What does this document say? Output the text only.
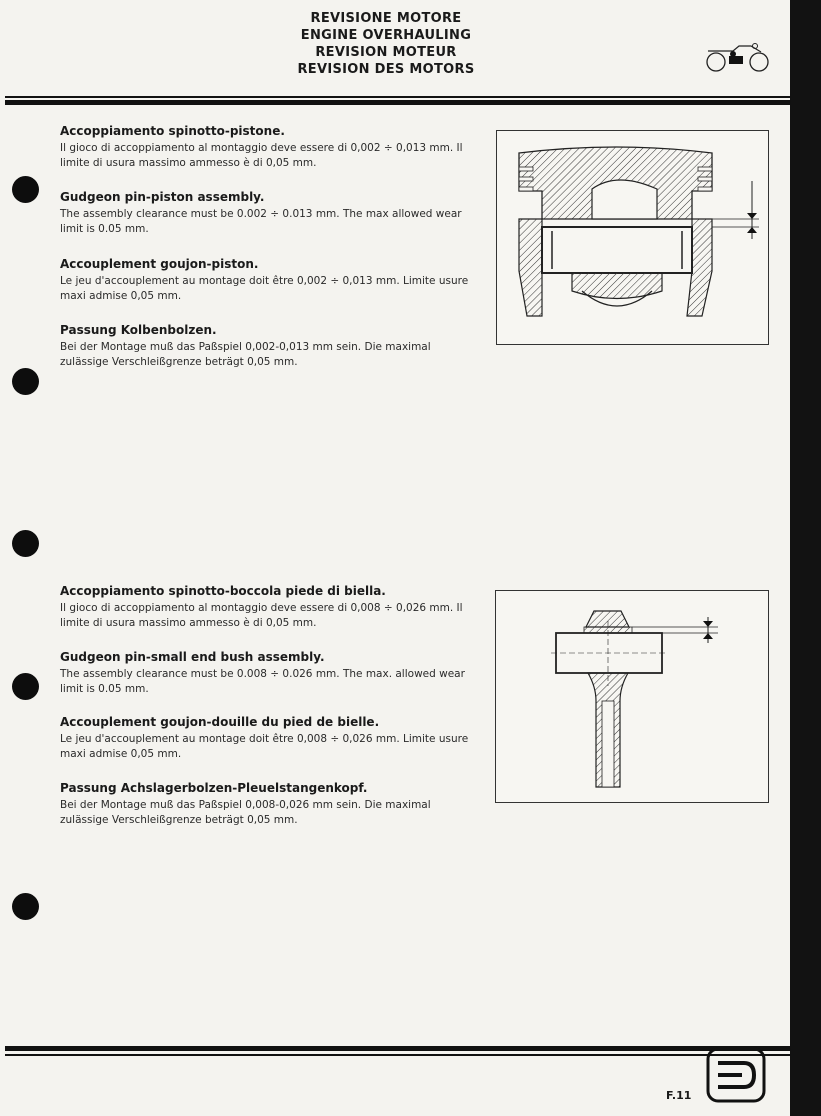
REVISIONE MOTORE
ENGINE OVERHAULING
REVISION MOTEUR
REVISION DES MOTORS
Accoppiamento spinotto-pistone.

Il gioco di accoppiamento al montaggio deve essere di 0,002 ÷ 0,013 mm. Il limite di usura massimo ammesso è di 0,05 mm.

Gudgeon pin-piston assembly.

The assembly clearance must be 0.002 ÷ 0.013 mm. The max allowed wear limit is 0.05 mm.

Accouplement goujon-piston.

Le jeu d'accouplement au montage doit être 0,002 ÷ 0,013 mm. Limite usure maxi admise 0,05 mm.

Passung Kolbenbolzen.

Bei der Montage muß das Paßspiel 0,002-0,013 mm sein. Die maximal zulässige Verschleißgrenze beträgt 0,05 mm.

Accoppiamento spinotto-boccola piede di biella.

Il gioco di accoppiamento al montaggio deve essere di 0,008 ÷ 0,026 mm. Il limite di usura massimo ammesso è di 0,05 mm.

Gudgeon pin-small end bush assembly.

The assembly clearance must be 0.008 ÷ 0.026 mm. The max. allowed wear limit is 0.05 mm.

Accouplement goujon-douille du pied de bielle.

Le jeu d'accouplement au montage doit être 0,008 ÷ 0,026 mm. Limite usure maxi admise 0,05 mm.

Passung Achslagerbolzen-Pleuelstangenkopf.

Bei der Montage muß das Paßspiel 0,008-0,026 mm sein. Die maximal zulässige Verschleißgrenze beträgt 0,05 mm.

F.11
